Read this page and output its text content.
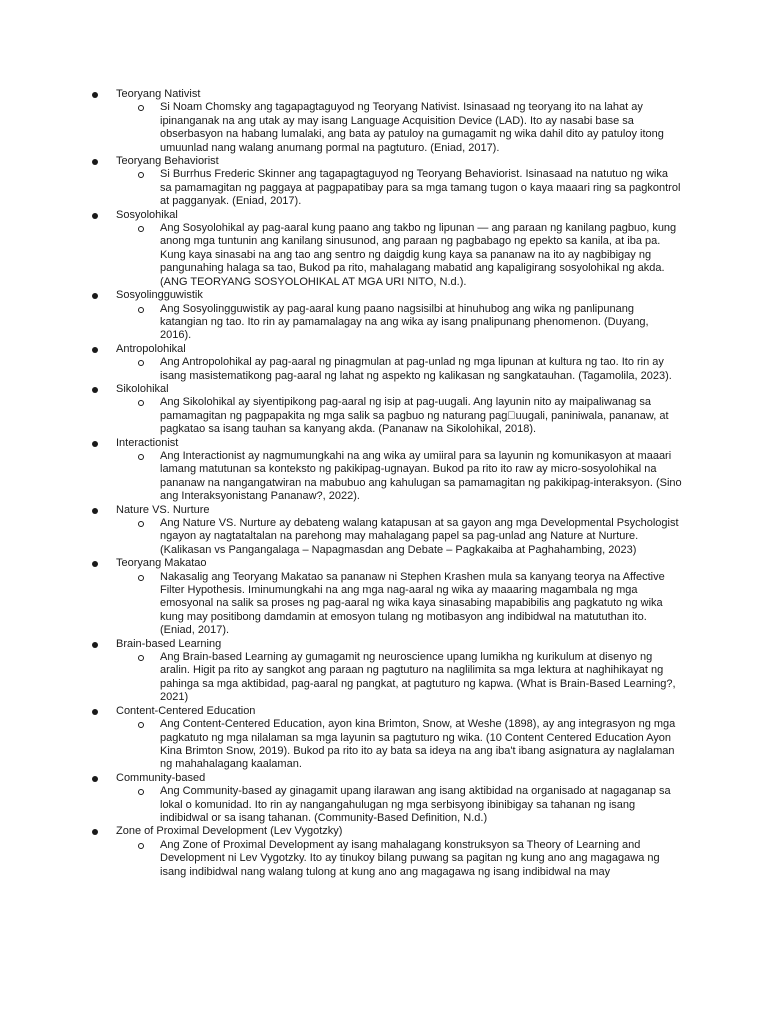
Teoryang Nativist
Si Noam Chomsky ang tagapagtaguyod ng Teoryang Nativist. Isinasaad ng teoryang ito na lahat ay ipinanganak na ang utak ay may isang Language Acquisition Device (LAD). Ito ay nasabi base sa obserbasyon na habang lumalaki, ang bata ay patuloy na gumagamit ng wika dahil dito ay patuloy itong umuunlad nang walang anumang pormal na pagtuturo. (Eniad, 2017).
Teoryang Behaviorist
Si Burrhus Frederic Skinner ang tagapagtaguyod ng Teoryang Behaviorist. Isinasaad na natutuo ng wika sa pamamagitan ng paggaya at pagpapatibay para sa mga tamang tugon o kaya maaari ring sa pagkontrol at pagganyak. (Eniad, 2017).
Sosyolohikal
Ang Sosyolohikal ay pag-aaral kung paano ang takbo ng lipunan — ang paraan ng kanilang pagbuo, kung anong mga tuntunin ang kanilang sinusunod, ang paraan ng pagbabago ng epekto sa kanila, at iba pa. Kung kaya sinasabi na ang tao ang sentro ng daigdig kung kaya sa pananaw na ito ay nagbibigay ng pangunahing halaga sa tao, Bukod pa rito, mahalagang mabatid ang kapaligirang sosyolohikal ng akda. (ANG TEORYANG SOSYOLOHIKAL AT MGA URI NITO, N.d.).
Sosyolingguwistik
Ang Sosyolingguwistik ay pag-aaral kung paano nagsisilbi at hinuhubog ang wika ng panlipunang katangian ng tao. Ito rin ay pamamalagay na ang wika ay isang pnalipunang phenomenon. (Duyang, 2016).
Antropolohikal
Ang Antropolohikal ay pag-aaral ng pinagmulan at pag-unlad ng mga lipunan at kultura ng tao. Ito rin ay isang masistematikong pag-aaral ng lahat ng aspekto ng kalikasan ng sangkatauhan. (Tagamolila, 2023).
Sikolohikal
Ang Sikolohikal ay siyentipikong pag-aaral ng isip at pag-uugali. Ang layunin nito ay maipaliwanag sa pamamagitan ng pagpapakita ng mga salik sa pagbuo ng naturang pag uugali, paniniwala, pananaw, at pagkatao sa isang tauhan sa kanyang akda. (Pananaw na Sikolohikal, 2018).
Interactionist
Ang Interactionist ay nagmumungkahi na ang wika ay umiiral para sa layunin ng komunikasyon at maaari lamang matutunan sa konteksto ng pakikipag-ugnayan. Bukod pa rito ito raw ay micro-sosyolohikal na pananaw na nangangatwiran na mabubuo ang kahulugan sa pamamagitan ng pakikipag-interaksyon. (Sino ang Interaksyonistang Pananaw?, 2022).
Nature VS. Nurture
Ang Nature VS. Nurture ay debateng walang katapusan at sa gayon ang mga Developmental Psychologist ngayon ay nagtataltalan na parehong may mahalagang papel sa pag-unlad ang Nature at Nurture. (Kalikasan vs Pangangalaga – Napagmasdan ang Debate – Pagkakaiba at Paghahambing, 2023)
Teoryang Makatao
Nakasalig ang Teoryang Makatao sa pananaw ni Stephen Krashen mula sa kanyang teorya na Affective Filter Hypothesis. Iminumungkahi na ang mga nag-aaral ng wika ay maaaring magambala ng mga emosyonal na salik sa proses ng pag-aaral ng wika kaya sinasabing mapabibilis ang pagkatuto ng wika kung may positibong damdamin at emosyon tulang ng motibasyon ang indibidwal na matututhan ito. (Eniad, 2017).
Brain-based Learning
Ang Brain-based Learning ay gumagamit ng neuroscience upang lumikha ng kurikulum at disenyo ng aralin. Higit pa rito ay sangkot ang paraan ng pagtuturo na naglilimita sa mga lektura at naghihikayat ng pahinga sa mga aktibidad, pag-aaral ng pangkat, at pagtuturo ng kapwa. (What is Brain-Based Learning?, 2021)
Content-Centered Education
Ang Content-Centered Education, ayon kina Brimton, Snow, at Weshe (1898), ay ang integrasyon ng mga pagkatuto ng mga nilalaman sa mga layunin sa pagtuturo ng wika. (10 Content Centered Education Ayon Kina Brimton Snow, 2019). Bukod pa rito ito ay bata sa ideya na ang iba't ibang asignatura ay naglalaman ng mahahalagang kaalaman.
Community-based
Ang Community-based ay ginagamit upang ilarawan ang isang aktibidad na organisado at nagaganap sa lokal o komunidad. Ito rin ay nangangahulugan ng mga serbisyong ibinibigay sa tahanan ng isang indibidwal or sa isang tahanan. (Community-Based Definition, N.d.)
Zone of Proximal Development (Lev Vygotzky)
Ang Zone of Proximal Development ay isang mahalagang konstruksyon sa Theory of Learning and Development ni Lev Vygotzky. Ito ay tinukoy bilang puwang sa pagitan ng kung ano ang magagawa ng isang indibidwal nang walang tulong at kung ano ang magagawa ng isang indibidwal na may
